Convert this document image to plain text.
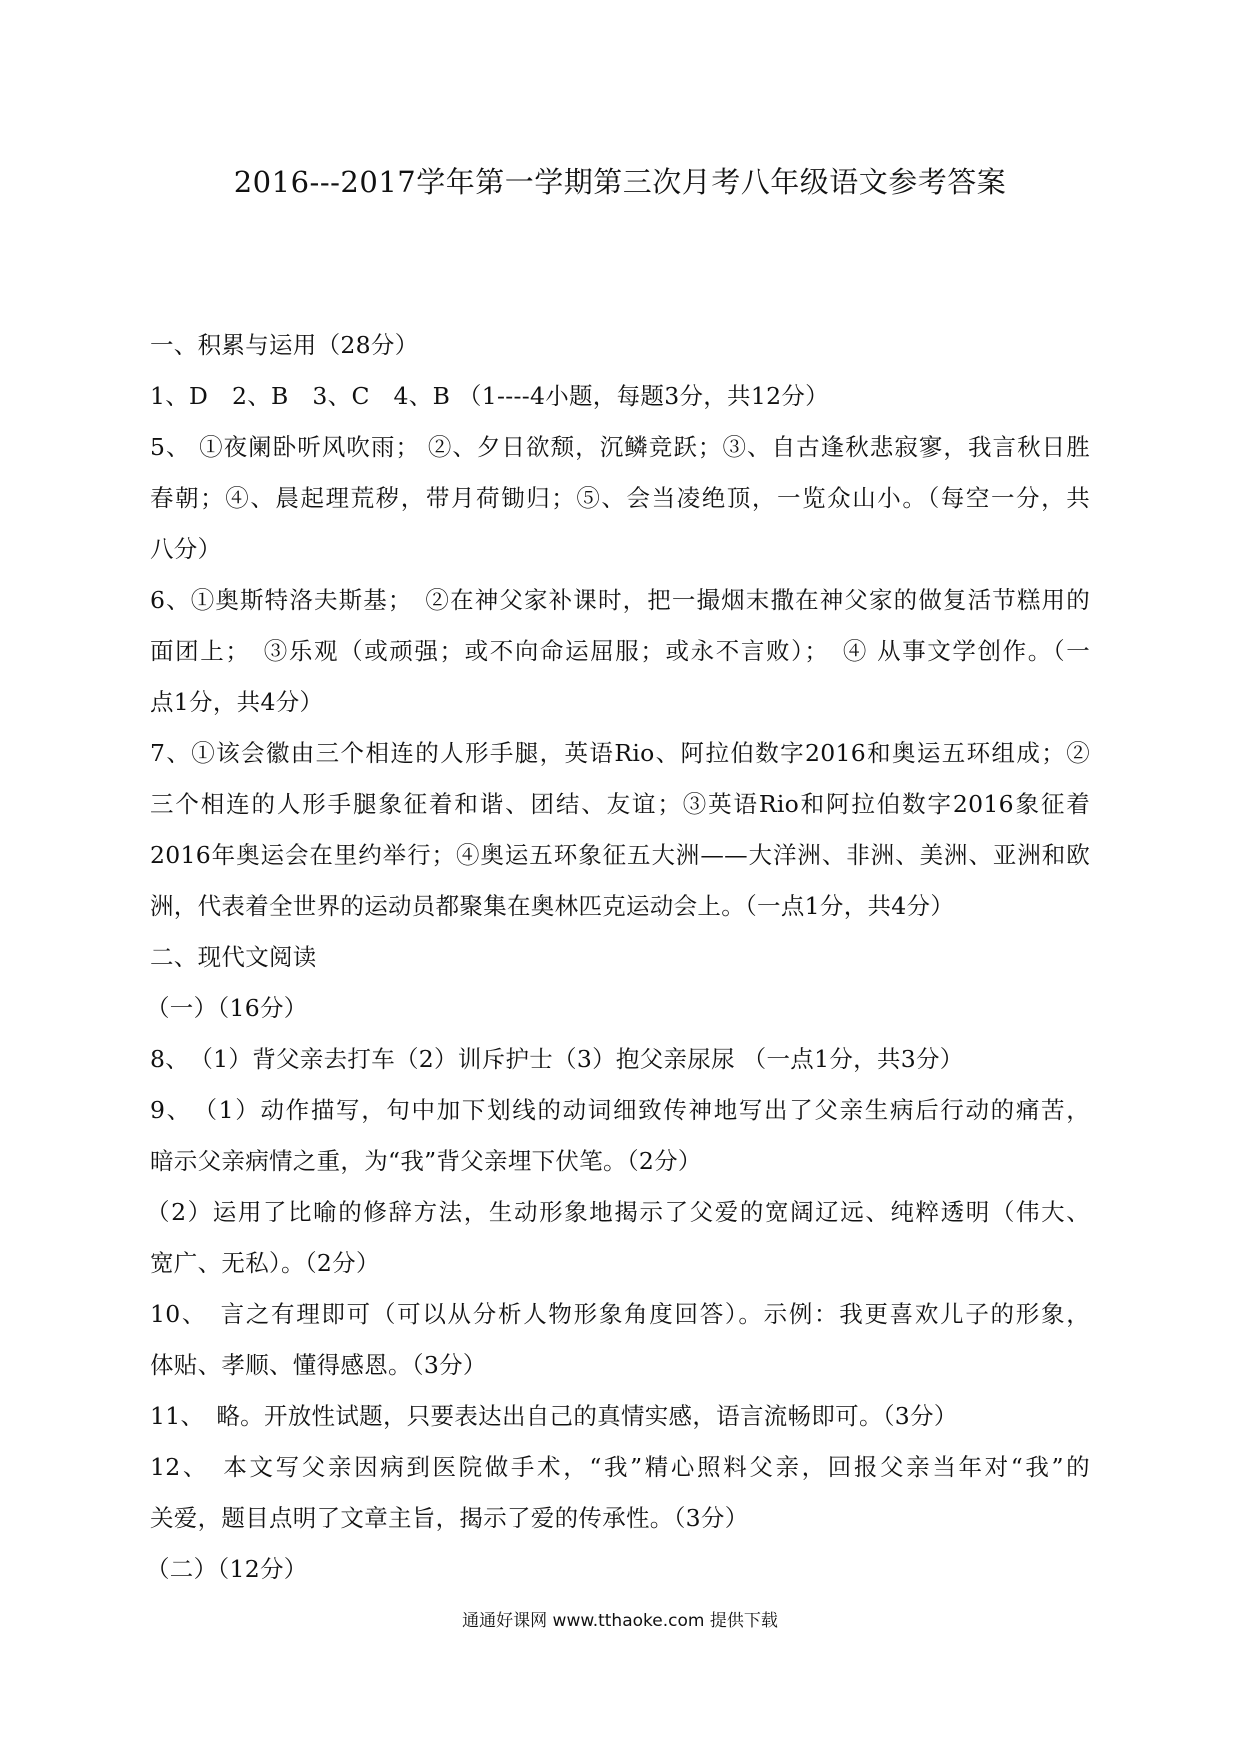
2016---2017学年第一学期第三次月考八年级语文参考答案
一、积累与运用（28分）
1、D　2、B　3、C　4、B （1----4小题，每题3分，共12分）
5、 ①夜阑卧听风吹雨； ②、夕日欲颓，沉鳞竞跃；③、自古逢秋悲寂寥，我言秋日胜
春朝；④、晨起理荒秽，带月荷锄归；⑤、会当凌绝顶，一览众山小。（每空一分，共
八分）
6、①奥斯特洛夫斯基；　②在神父家补课时，把一撮烟末撒在神父家的做复活节糕用的
面团上；　③乐观（或顽强；或不向命运屈服；或永不言败）；　④ 从事文学创作。（一
点1分，共4分）
7、①该会徽由三个相连的人形手腿，英语Rio、阿拉伯数字2016和奥运五环组成；②
三个相连的人形手腿象征着和谐、团结、友谊；③英语Rio和阿拉伯数字2016象征着
2016年奥运会在里约举行；④奥运五环象征五大洲——大洋洲、非洲、美洲、亚洲和欧
洲，代表着全世界的运动员都聚集在奥林匹克运动会上。（一点1分，共4分）
二、现代文阅读
（一）（16分）
8、　（1）背父亲去打车（2）训斥护士（3）抱父亲尿尿 （一点1分，共3分）
9、　（1）动作描写，句中加下划线的动词细致传神地写出了父亲生病后行动的痛苦，
暗示父亲病情之重，为“我”背父亲埋下伏笔。（2分）
（2）运用了比喻的修辞方法，生动形象地揭示了父爱的宽阔辽远、纯粹透明（伟大、
宽广、无私）。（2分）
10、　言之有理即可（可以从分析人物形象角度回答）。示例：我更喜欢儿子的形象，
体贴、孝顺、懂得感恩。（3分）
11、　略。开放性试题，只要表达出自己的真情实感，语言流畅即可。（3分）
12、　本文写父亲因病到医院做手术，“我”精心照料父亲，回报父亲当年对“我”的
关爱，题目点明了文章主旨，揭示了爱的传承性。（3分）
（二）（12分）
通通好课网 www.tthaoke.com 提供下载
